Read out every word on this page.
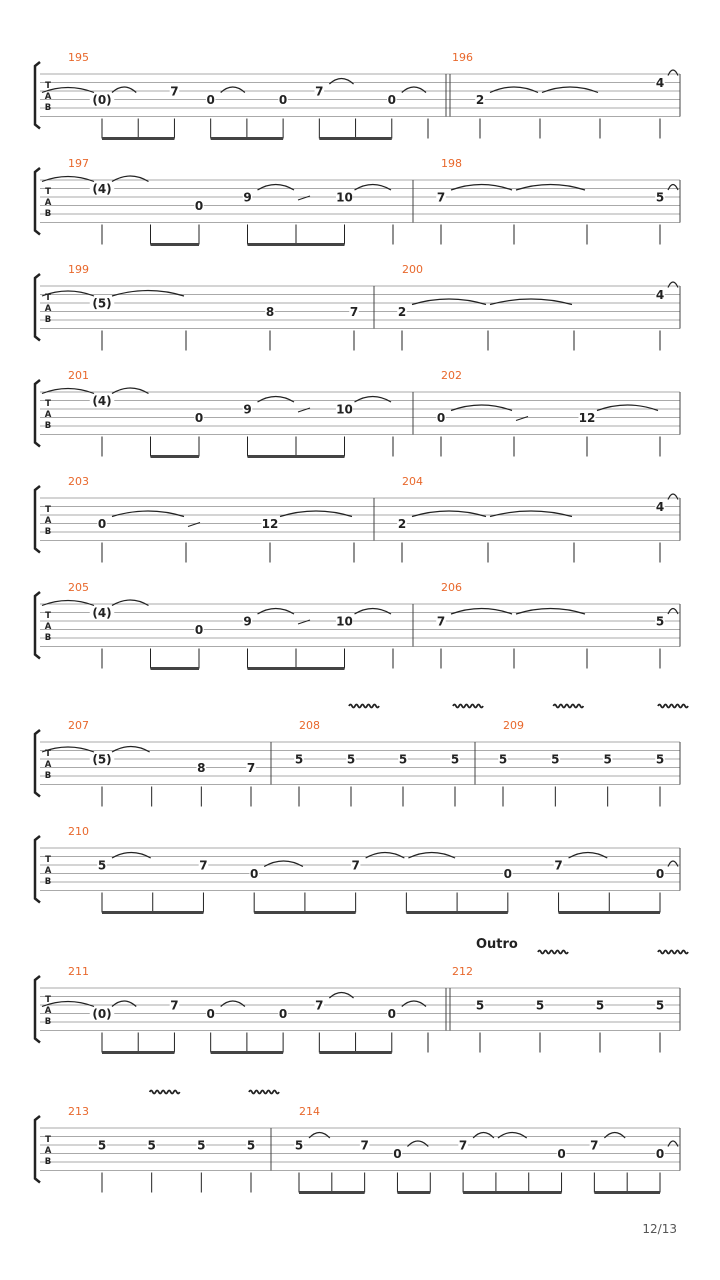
T
A
B
195
(0)
7
0	0
7
0
196
2
4
T
A
B
197
(4)
0
9	10
198
7	5
T
A
B
199
(5)
8	7
200
2
4
T
A
B
201
(4)
0
9	10
202
0	12
T
A
B
203
0	12
204
2
4
T
A
B
205
(4)
0
9	10
206
7	5
T
A
B
207
(5)
8	7
208
5	5	5	5
209
5	5	5	5
T
A
B
210
5	7
0
7
0
7
0
T
A
B
211
(0)
7
0	0
7
0
212
5	5	5	5
Outro
T
A
B
213
5	5	5	5
214
5	7
0
7
0
7
0
12/13
